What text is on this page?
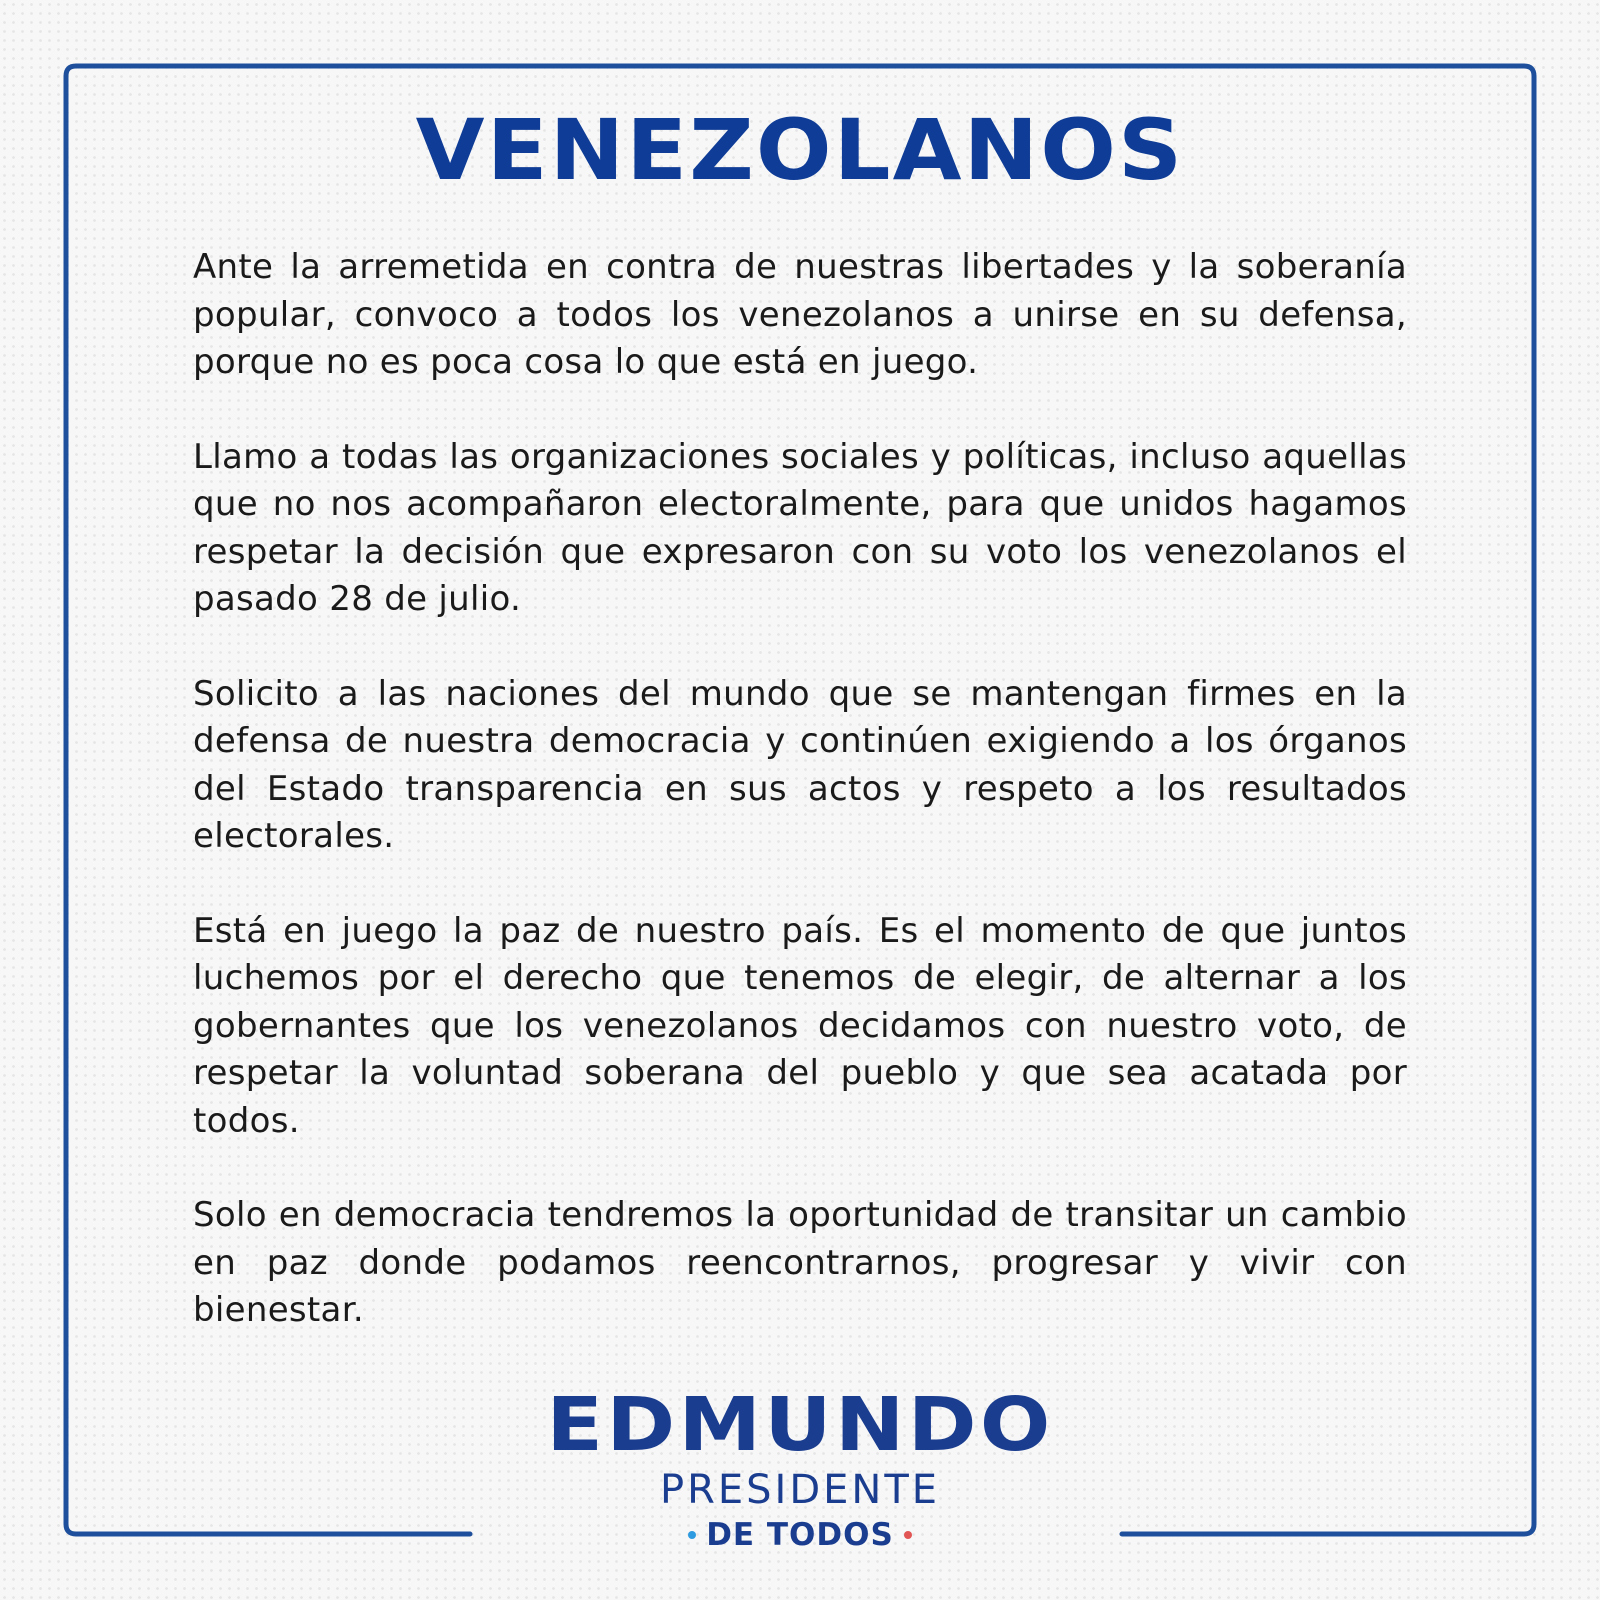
VENEZOLANOS

Ante la arremetida en contra de nuestras libertades y la soberanía popular, convoco a todos los venezolanos a unirse en su defensa, porque no es poca cosa lo que está en juego.

Llamo a todas las organizaciones sociales y políticas, incluso aquellas que no nos acompañaron electoralmente, para que unidos hagamos respetar la decisión que expresaron con su voto los venezolanos el pasado 28 de julio.

Solicito a las naciones del mundo que se mantengan firmes en la defensa de nuestra democracia y continúen exigiendo a los órganos del Estado transparencia en sus actos y respeto a los resultados electorales.

Está en juego la paz de nuestro país. Es el momento de que juntos luchemos por el derecho que tenemos de elegir, de alternar a los gobernantes que los venezolanos decidamos con nuestro voto, de respetar la voluntad soberana del pueblo y que sea acatada por todos.

Solo en democracia tendremos la oportunidad de transitar un cambio en paz donde podamos reencontrarnos, progresar y vivir con bienestar.

EDMUNDO
PRESIDENTE
DE TODOS
